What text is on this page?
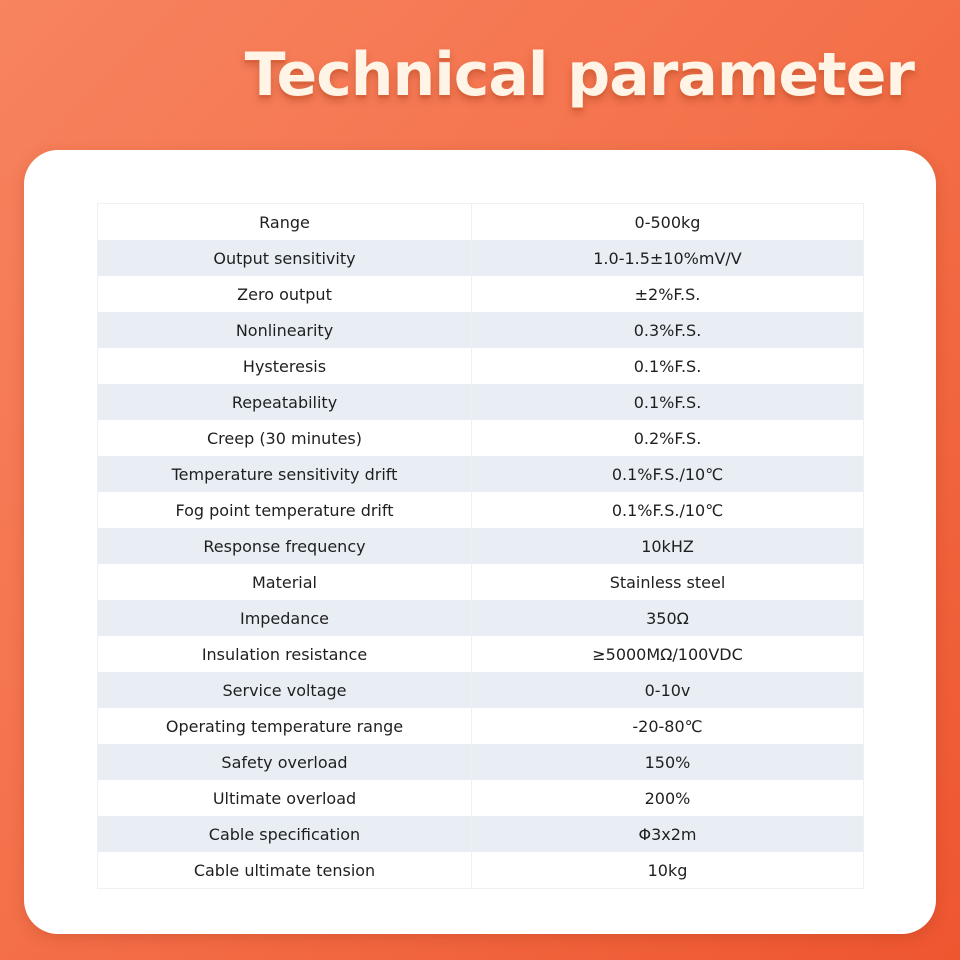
Technical parameter
Range	0-500kg
Output sensitivity	1.0-1.5±10%mV/V
Zero output	±2%F.S.
Nonlinearity	0.3%F.S.
Hysteresis	0.1%F.S.
Repeatability	0.1%F.S.
Creep (30 minutes)	0.2%F.S.
Temperature sensitivity drift	0.1%F.S./10℃
Fog point temperature drift	0.1%F.S./10℃
Response frequency	10kHZ
Material	Stainless steel
Impedance	350Ω
Insulation resistance	≥5000MΩ/100VDC
Service voltage	0-10v
Operating temperature range	-20-80℃
Safety overload	150%
Ultimate overload	200%
Cable specification	Φ3x2m
Cable ultimate tension	10kg
